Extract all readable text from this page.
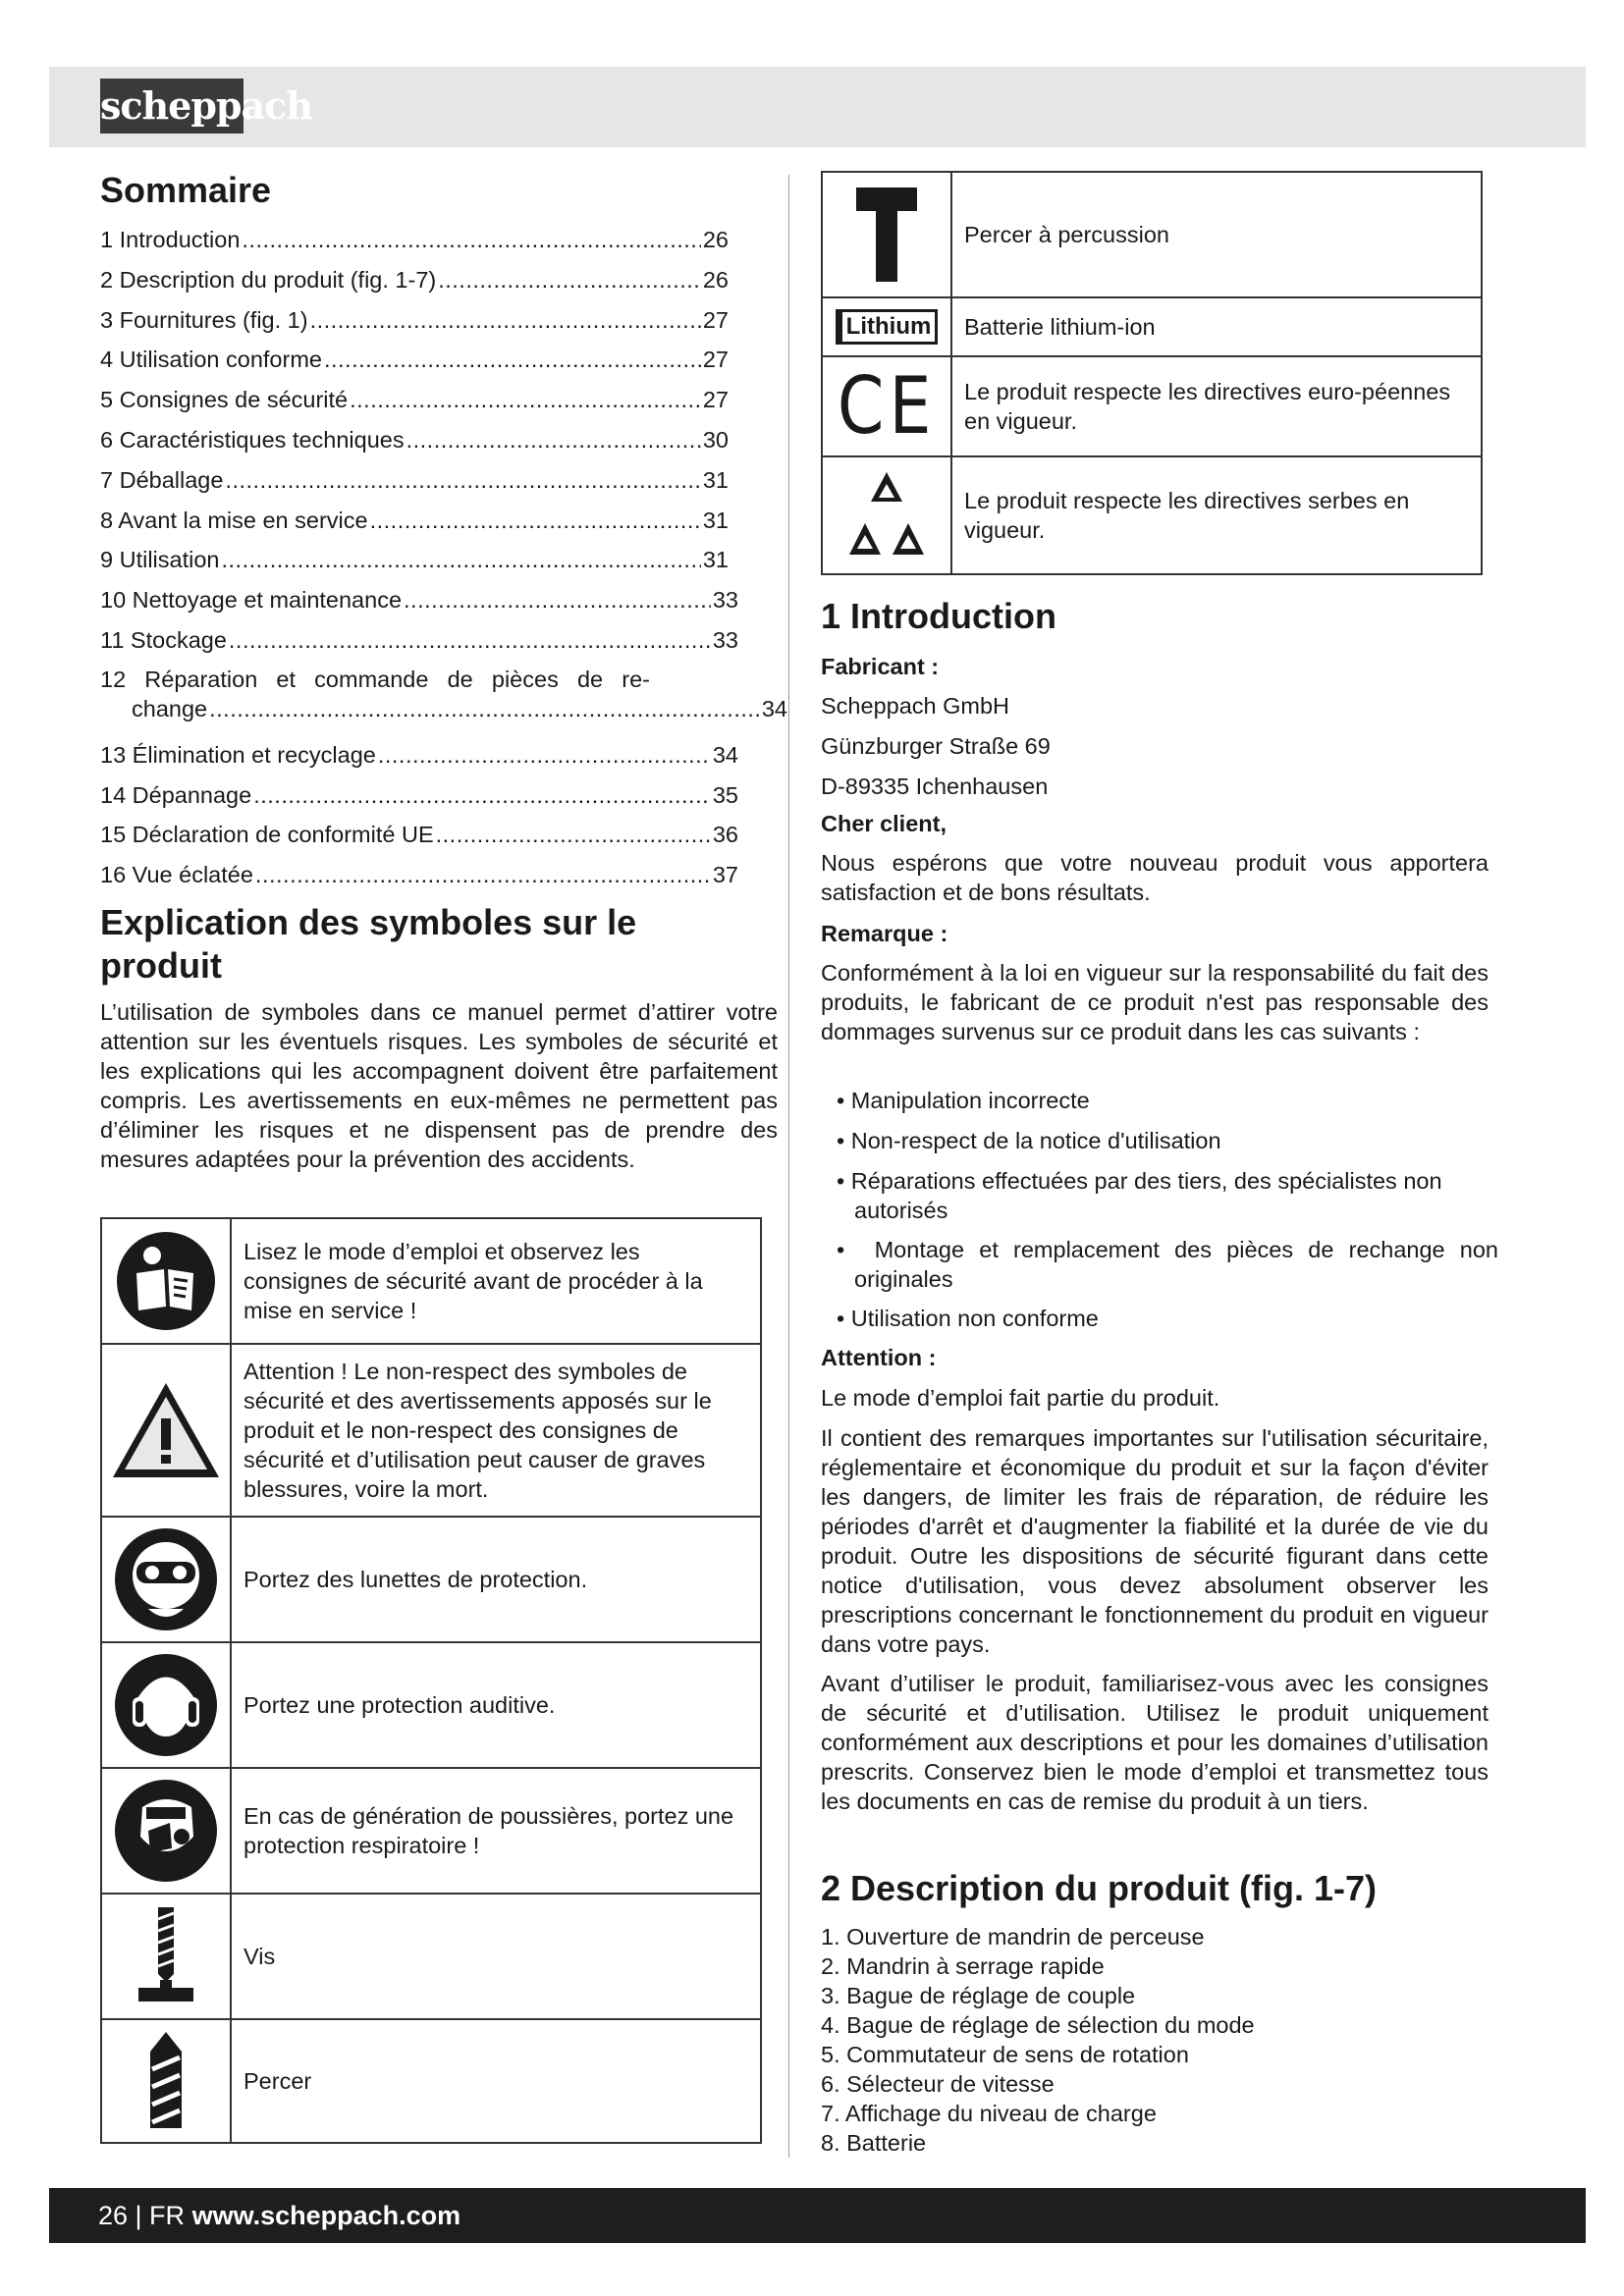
scheppach
Sommaire
1 Introduction .....	26
2 Description du produit (fig. 1-7) .....	26
3 Fournitures (fig. 1) .....	27
4 Utilisation conforme .....	27
5 Consignes de sécurité .....	27
6 Caractéristiques techniques .....	30
7 Déballage .....	31
8 Avant la mise en service .....	31
9 Utilisation .....	31
10 Nettoyage et maintenance .....	33
11 Stockage .....	33
12 Réparation et commande de pièces de re-
change .....	34
13 Élimination et recyclage .....	34
14 Dépannage .....	35
15 Déclaration de conformité UE .....	36
16 Vue éclatée .....	37
Explication des symboles sur le
produit

L’utilisation de symboles dans ce manuel permet d’attirer votre attention sur les éventuels risques. Les symboles de sécurité et les explications qui les accompagnent doivent être parfaitement compris. Les avertissements en eux-mêmes ne permettent pas d’éliminer les risques et ne dispensent pas de prendre des mesures adaptées pour la prévention des accidents.

Lisez le mode d’emploi et observez les consignes de sécurité avant de procéder à la mise en service !
Attention ! Le non-respect des symboles de sécurité et des avertissements apposés sur le produit et le non-respect des consignes de sécurité et d’utilisation peut causer de graves blessures, voire la mort.
Portez des lunettes de protection.
Portez une protection auditive.
En cas de génération de poussières, portez une protection respiratoire !
Vis
Percer
Percer à percussion
Lithium	Batterie lithium-ion
CE	Le produit respecte les directives euro-péennes en vigueur.
Le produit respecte les directives serbes en vigueur.
1 Introduction

Fabricant :

Scheppach GmbH

Günzburger Straße 69

D-89335 Ichenhausen

Cher client,

Nous espérons que votre nouveau produit vous apportera satisfaction et de bons résultats.

Remarque :

Conformément à la loi en vigueur sur la responsabilité du fait des produits, le fabricant de ce produit n'est pas responsable des dommages survenus sur ce produit dans les cas suivants :

• Manipulation incorrecte

• Non-respect de la notice d'utilisation

• Réparations effectuées par des tiers, des spécialistes non autorisés

•  Montage et remplacement des pièces de rechange non originales

• Utilisation non conforme

Attention :

Le mode d’emploi fait partie du produit.

Il contient des remarques importantes sur l'utilisation sécuritaire, réglementaire et économique du produit et sur la façon d'éviter les dangers, de limiter les frais de réparation, de réduire les périodes d'arrêt et d'augmenter la fiabilité et la durée de vie du produit. Outre les dispositions de sécurité figurant dans cette notice d'utilisation, vous devez absolument observer les prescriptions concernant le fonctionnement du produit en vigueur dans votre pays.

Avant d’utiliser le produit, familiarisez-vous avec les consignes de sécurité et d’utilisation. Utilisez le produit uniquement conformément aux descriptions et pour les domaines d’utilisation prescrits. Conservez bien le mode d’emploi et transmettez tous les documents en cas de remise du produit à un tiers.

2 Description du produit (fig. 1-7)
1. Ouverture de mandrin de perceuse
2. Mandrin à serrage rapide
3. Bague de réglage de couple
4. Bague de réglage de sélection du mode
5. Commutateur de sens de rotation
6. Sélecteur de vitesse
7. Affichage du niveau de charge
8. Batterie
26 | FR www.scheppach.com
